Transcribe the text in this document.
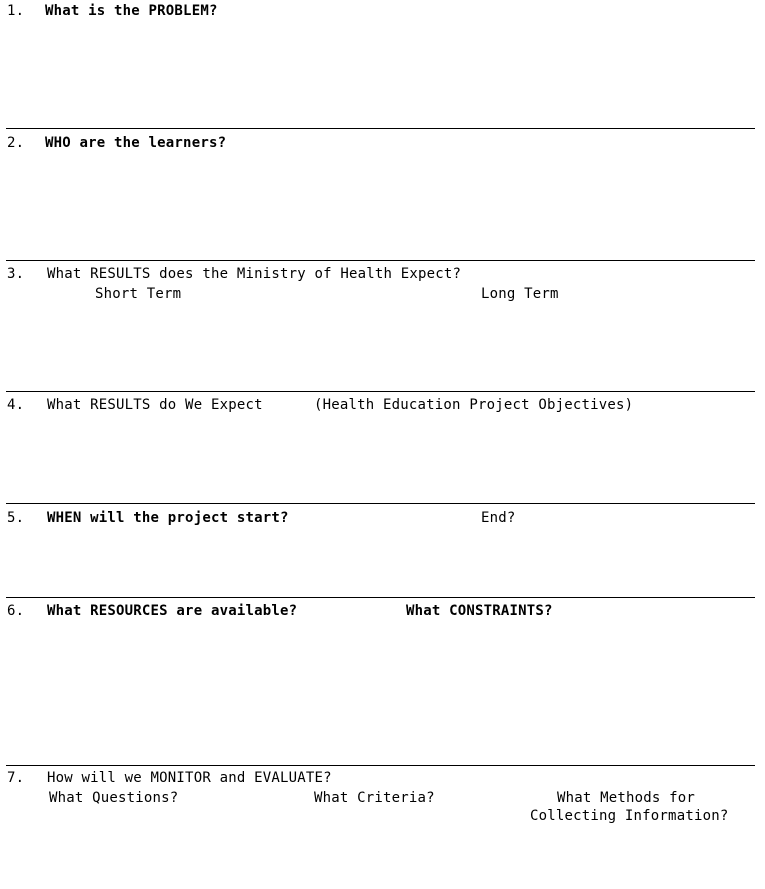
1. What is the PROBLEM?
2. WHO are the learners?
3. What RESULTS does the Ministry of Health Expect?
Short Term	Long Term
4. What RESULTS do We Expect	(Health Education Project Objectives)
5. WHEN will the project start?	End?
6. What RESOURCES are available?	What CONSTRAINTS?
7. How will we MONITOR and EVALUATE?
What Questions?	What Criteria?	What Methods for
Collecting Information?
